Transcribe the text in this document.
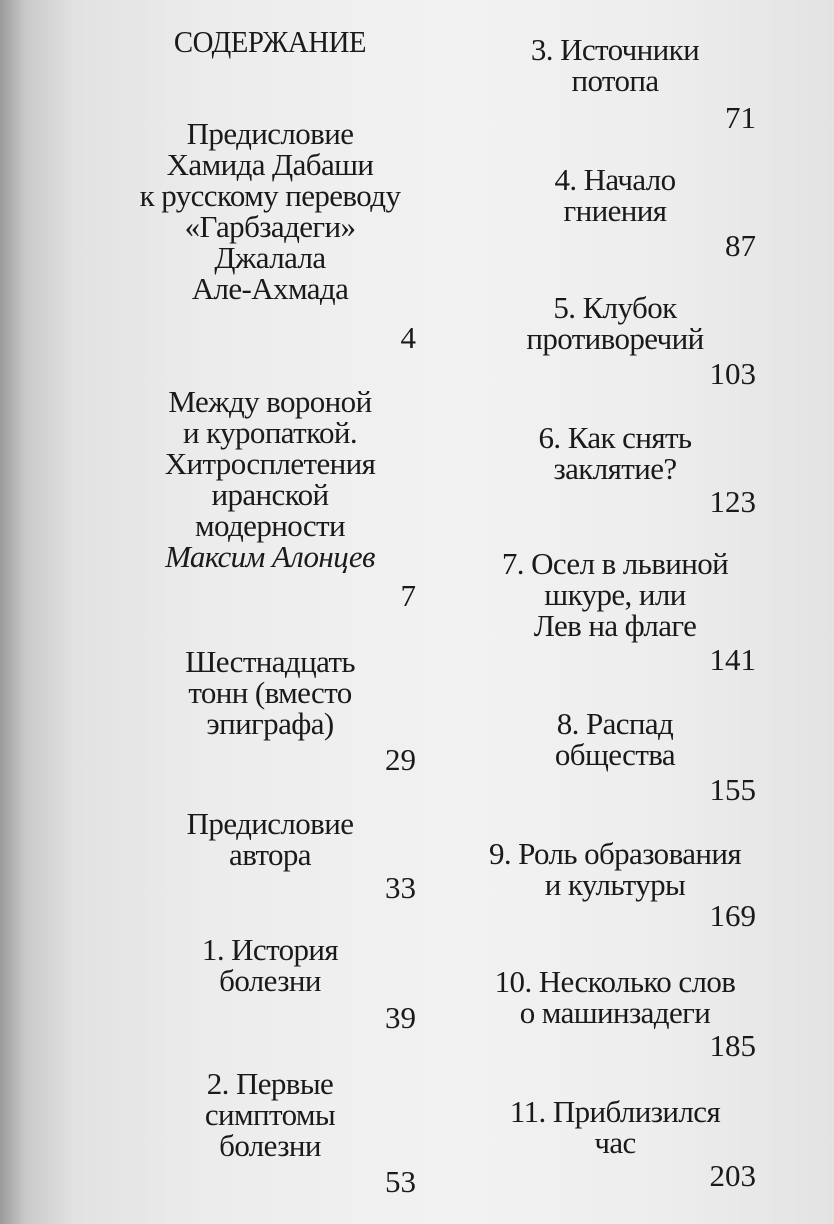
СОДЕРЖАНИЕ
Предисловие
Хамида Дабаши
к русскому переводу
«Гарбзадеги»
Джалала
Але-Ахмада
4
Между вороной
и куропаткой.
Хитросплетения
иранской
модерности
Максим Алонцев
7
Шестнадцать
тонн (вместо
эпиграфа)
29
Предисловие
автора
33
1. История
болезни
39
2. Первые
симптомы
болезни
53
3. Источники
потопа
71
4. Начало
гниения
87
5. Клубок
противоречий
103
6. Как снять
заклятие?
123
7. Осел в львиной
шкуре, или
Лев на флаге
141
8. Распад
общества
155
9. Роль образования
и культуры
169
10. Несколько слов
о машинзадеги
185
11. Приблизился
час
203
